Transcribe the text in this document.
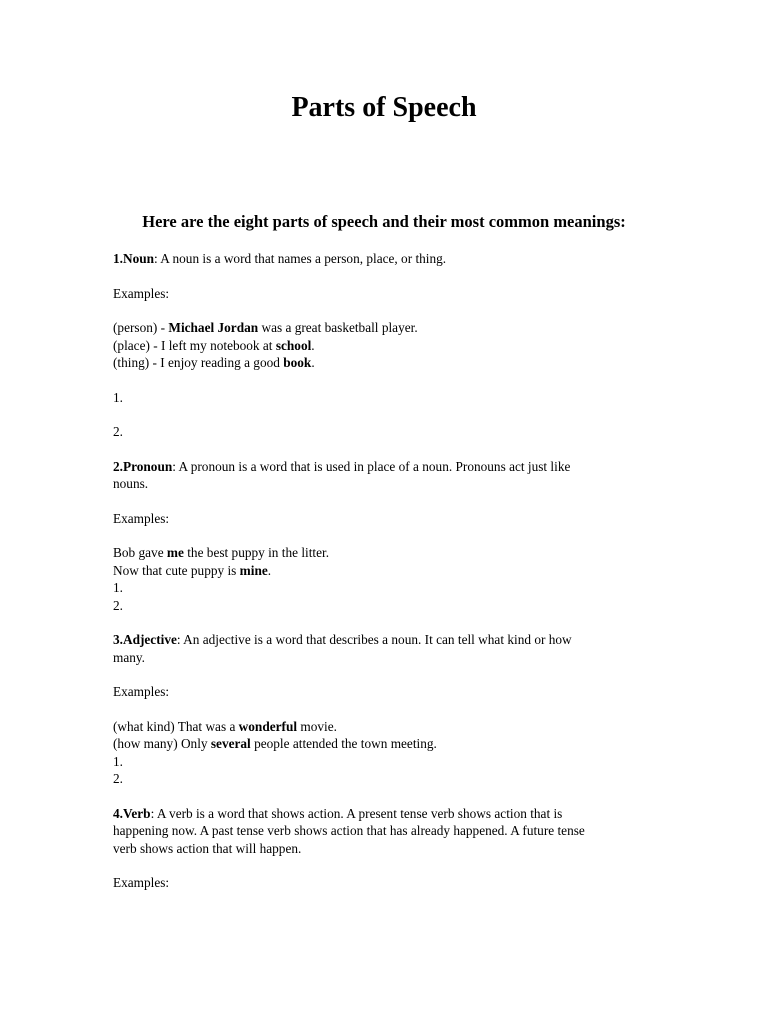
Parts of Speech
Here are the eight parts of speech and their most common meanings:

1.Noun: A noun is a word that names a person, place, or thing.

Examples:

(person) - Michael Jordan was a great basketball player.

(place) - I left my notebook at school.

(thing) - I enjoy reading a good book.

1.

2.

2.Pronoun: A pronoun is a word that is used in place of a noun. Pronouns act just like

nouns.

Examples:

Bob gave me the best puppy in the litter.

Now that cute puppy is mine.

1.

2.

3.Adjective: An adjective is a word that describes a noun. It can tell what kind or how

many.

Examples:

(what kind) That was a wonderful movie.

(how many) Only several people attended the town meeting.

1.

2.

4.Verb: A verb is a word that shows action. A present tense verb shows action that is

happening now. A past tense verb shows action that has already happened. A future tense

verb shows action that will happen.

Examples:
